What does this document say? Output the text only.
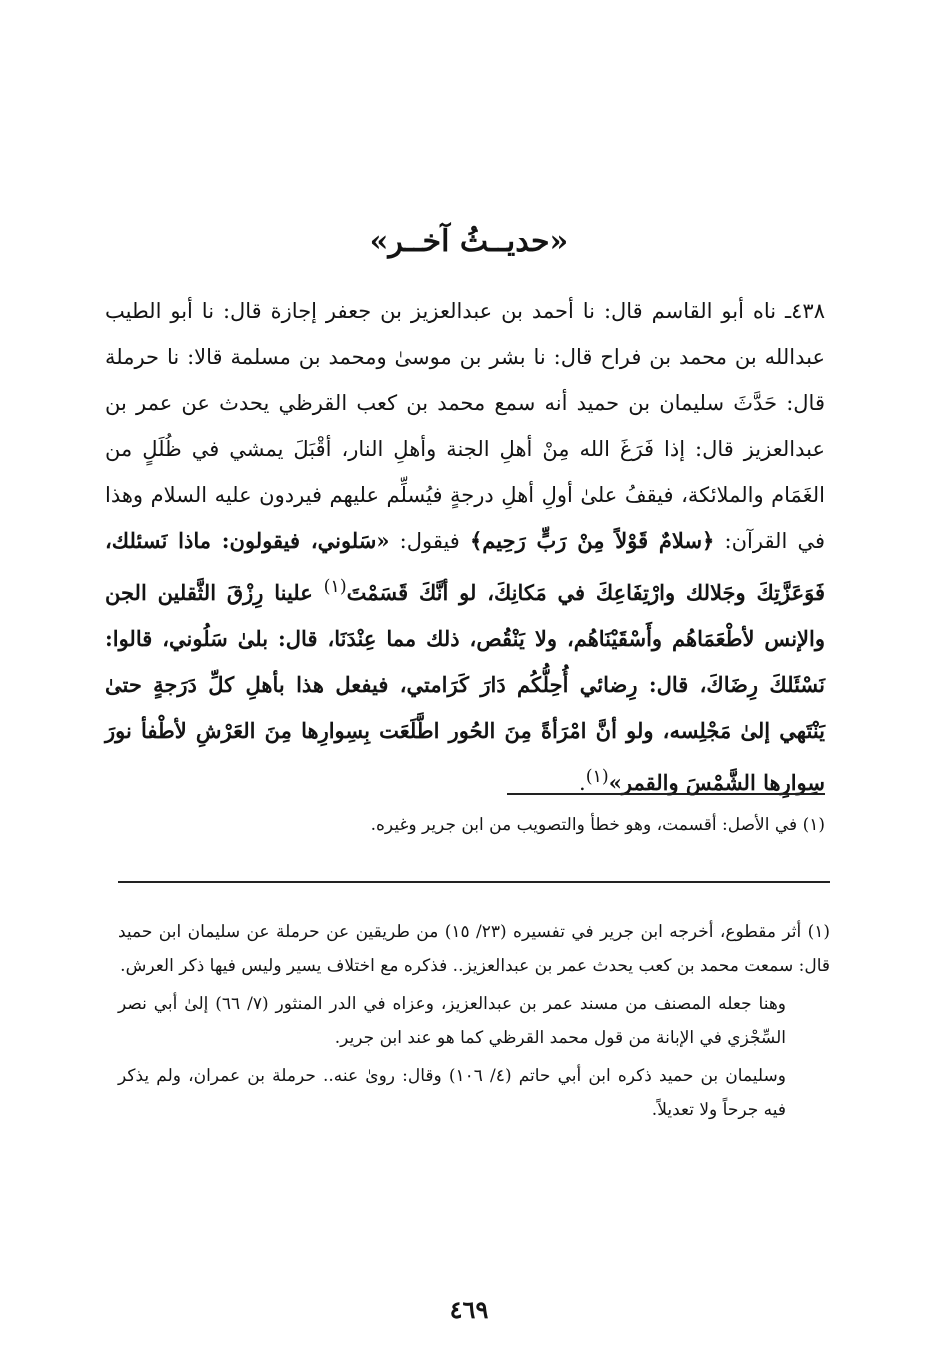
«حديــثُ آخــر»

٤٣٨ـ ناه أبو القاسم قال: نا أحمد بن عبدالعزيز بن جعفر إجازة قال: نا أبو الطيب عبدالله بن محمد بن فراح قال: نا بشر بن موسىٰ ومحمد بن مسلمة قالا: نا حرملة قال: حَدَّثَ سليمان بن حميد أنه سمع محمد بن كعب القرظي يحدث عن عمر بن عبدالعزيز قال: إذا فَرَغَ الله مِنْ أهلِ الجنة وأهلِ النار، أقْبَلَ يمشي في ظُلَلٍ من الغَمَام والملائكة، فيقفُ علىٰ أولِ أهلِ درجةٍ فيُسلِّم عليهم فيردون عليه السلام وهذا في القرآن: ﴿سلامٌ قَوْلاً مِنْ رَبٍّ رَحِيم﴾ فيقول: «سَلوني، فيقولون: ماذا نَسئلك، فَوَعَزَّتِكَ وجَلالك وارْتِفَاعِكَ في مَكانِكَ، لو أنَّكَ قَسَمْتَ$^{(١)}$ علينا رِزْقَ الثَّقلين الجن والإنس لأطْعَمَاهُم وأَسْقَيْنَاهُم، ولا يَنْقُص، ذلك مما عِنْدَنَا، قال: بلىٰ سَلُوني، قالوا: نَسْئَلكَ رِضَاكَ، قال: رِضائي أُحِلُّكُم دَارَ كَرَامتي، فيفعل هذا بأهلِ كلِّ دَرَجةٍ حتىٰ يَنْتَهي إلىٰ مَجْلِسه، ولو أنَّ امْرَأةً مِنَ الحُور اطَّلَعَت بِسِوارِها مِنَ العَرْشِ لأطْفأ نورَ سِوارِها الشَّمْسَ والقمر»$^{(١)}$.

(١) في الأصل: أقسمت، وهو خطأ والتصويب من ابن جرير وغيره.

(١) أثر مقطوع، أخرجه ابن جرير في تفسيره (٢٣/ ١٥) من طريقين عن حرملة عن سليمان ابن حميد قال: سمعت محمد بن كعب يحدث عمر بن عبدالعزيز.. فذكره مع اختلاف يسير وليس فيها ذكر العرش.

وهنا جعله المصنف من مسند عمر بن عبدالعزيز، وعزاه في الدر المنثور (٧/ ٦٦) إلىٰ أبي نصر السِّجْزي في الإبانة من قول محمد القرظي كما هو عند ابن جرير.

وسليمان بن حميد ذكره ابن أبي حاتم (٤/ ١٠٦) وقال: روىٰ عنه.. حرملة بن عمران، ولم يذكر فيه جرحاً ولا تعديلاً.

٤٦٩
